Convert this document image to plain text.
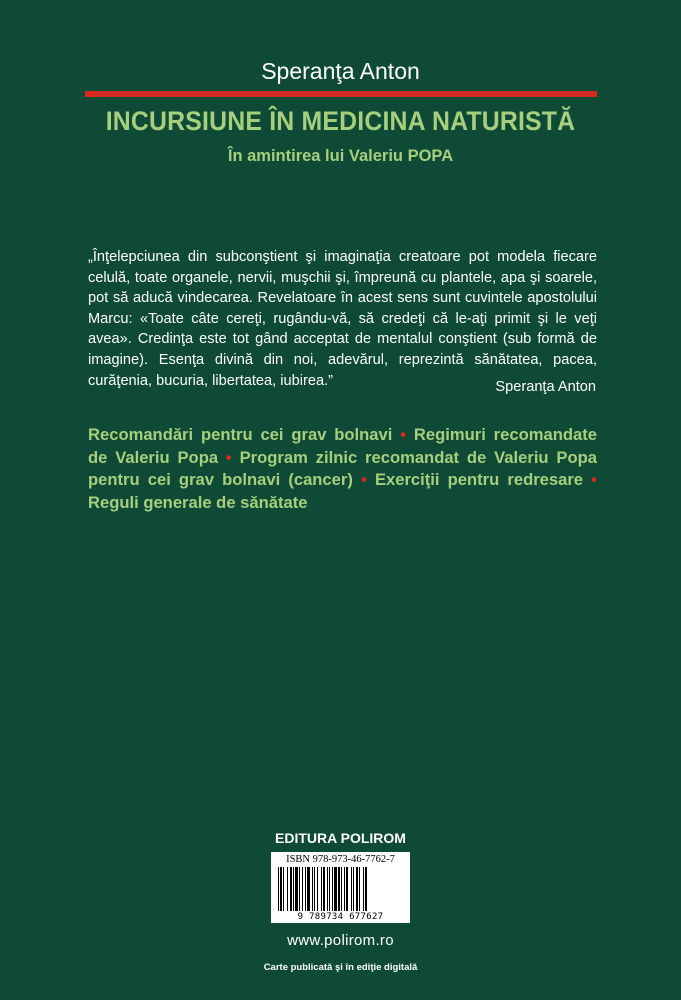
Speranţa Anton
INCURSIUNE ÎN MEDICINA NATURISTĂ
În amintirea lui Valeriu POPA

„Înţelepciunea din subconştient şi imaginaţia creatoare pot modela fiecare celulă, toate organele, nervii, muşchii şi, împreună cu plantele, apa şi soarele, pot să aducă vindecarea. Revelatoare în acest sens sunt cuvintele apostolului Marcu: «Toate câte cereţi, rugându-vă, să credeţi că le-aţi primit şi le veţi avea». Credinţa este tot gând acceptat de mentalul conştient (sub formă de imagine). Esenţa divină din noi, adevărul, reprezintă sănătatea, pacea, curăţenia, bucuria, libertatea, iubirea.”	Speranţa Anton

Recomandări pentru cei grav bolnavi • Regimuri recomandate de Valeriu Popa • Program zilnic recomandat de Valeriu Popa pentru cei grav bolnavi (cancer) • Exerciţii pentru redresare • Reguli generale de sănătate

EDITURA POLIROM
ISBN 978-973-46-7762-7
9 789734 677627
www.polirom.ro
Carte publicată şi în ediţie digitală
